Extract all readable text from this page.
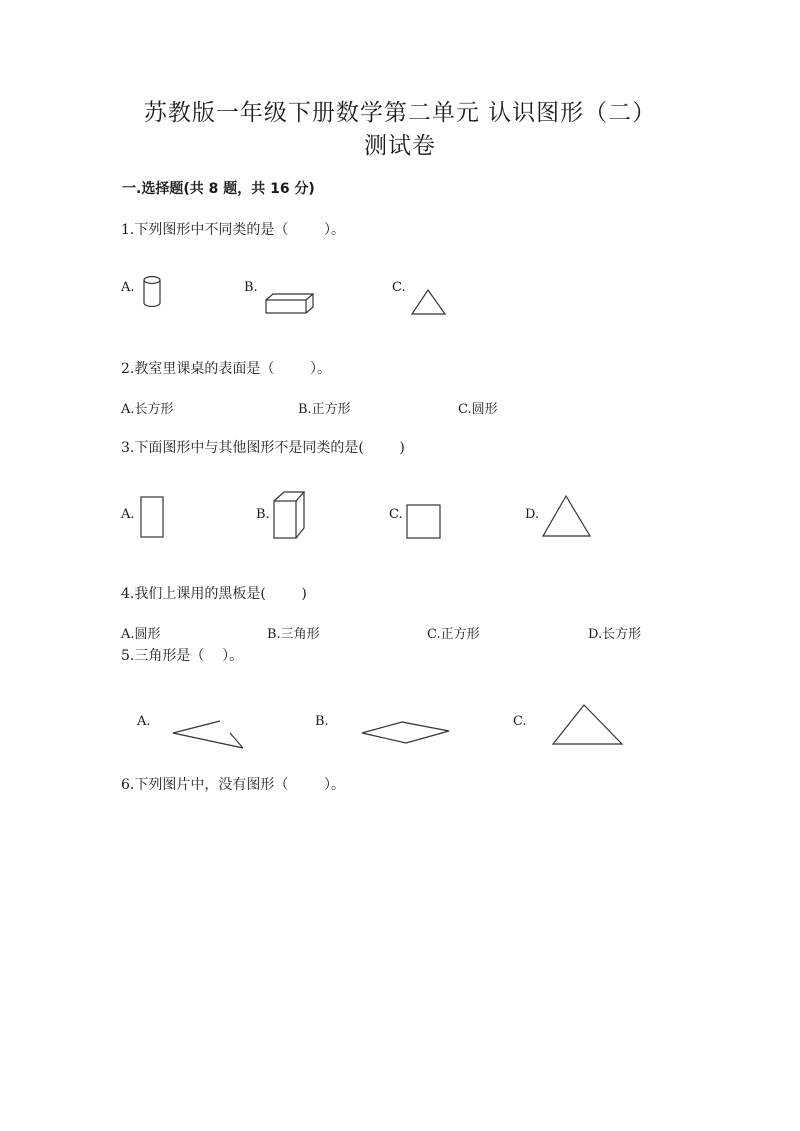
苏教版一年级下册数学第二单元 认识图形（二）
测试卷
一.选择题(共 8 题，共 16 分)
1.下列图形中不同类的是（        ）。
A.	B.	C.
2.教室里课桌的表面是（        ）。
A.长方形	B.正方形	C.圆形
3.下面图形中与其他图形不是同类的是(        )
A.	B.	C.	D.
4.我们上课用的黑板是(        )
A.圆形	B.三角形	C.正方形	D.长方形
5.三角形是（    ）。
A.	B.	C.
6.下列图片中，没有图形（        ）。
